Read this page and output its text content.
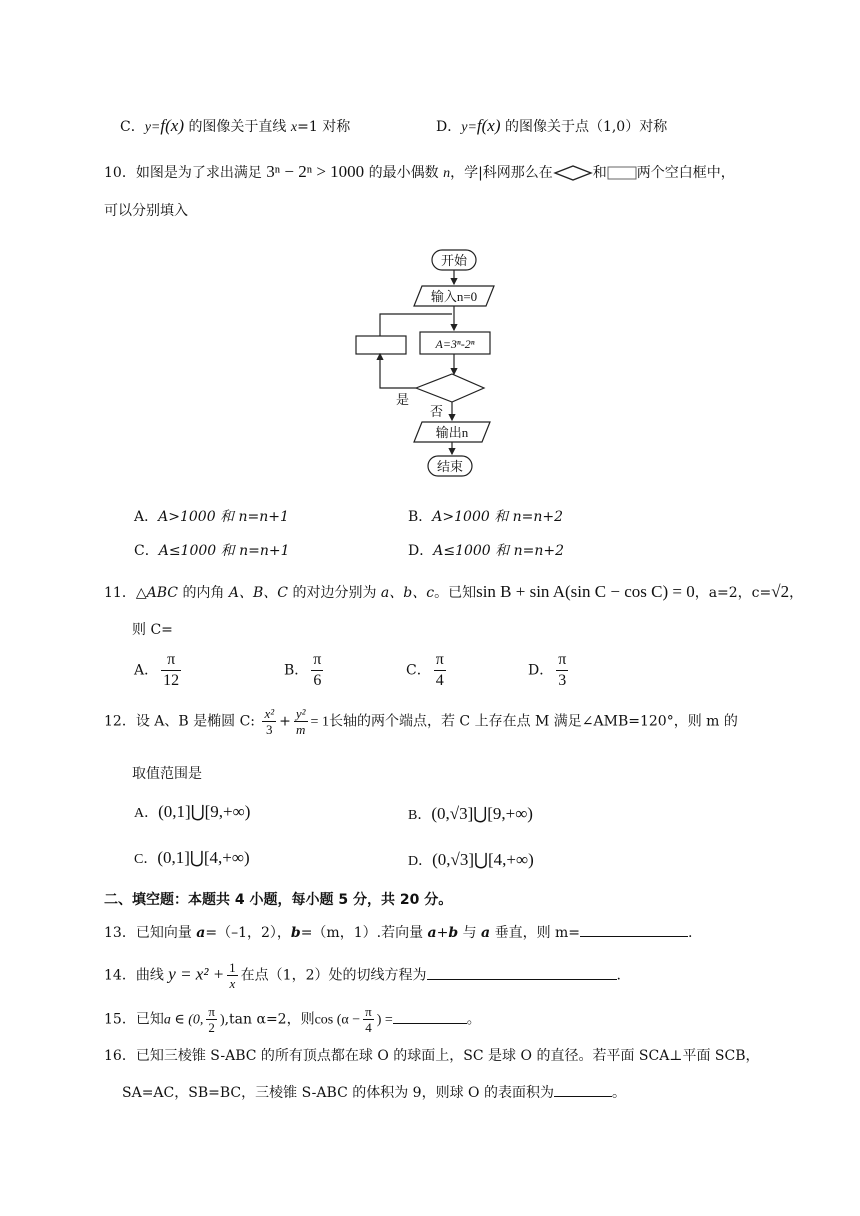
C．y=f(x) 的图像关于直线 x=1 对称	D．y=f(x) 的图像关于点（1,0）对称
10．如图是为了求出满足 3ⁿ − 2ⁿ > 1000 的最小偶数 n，学|科网那么在	和 两个空白框中，
可以分别填入
开始
输入n=0
A=3ⁿ-2ⁿ
是
否
输出n
结束
A．A>1000 和 n=n+1	B．A>1000 和 n=n+2
C．A≤1000 和 n=n+1	D．A≤1000 和 n=n+2
11．△ABC 的内角 A、B、C 的对边分别为 a、b、c。已知sin B + sin A(sin C − cos C) = 0，a=2，c=√2，
则 C=
A． $\frac{\pi}{12}$	B． $\frac{\pi}{6}$	C． $\frac{\pi}{4}$	D． $\frac{\pi}{3}$
12．设 A、B 是椭圆 C: $\frac{\text{x²}}{3} + \frac{\text{y²}}{m} = 1$长轴的两个端点，若 C 上存在点 M 满足∠AMB=120°，则 m 的
取值范围是
A．(0,1]⋃[9,+∞)	B．(0,√3]⋃[9,+∞)
C．(0,1]⋃[4,+∞)	D．(0,√3]⋃[4,+∞)
二、填空题：本题共 4 小题，每小题 5 分，共 20 分。
13．已知向量 a=（–1，2），b=（m，1）.若向量 a+b 与 a 垂直，则 m=	.
14．曲线 $y = x^2 + \frac{1}{x}$ 在点（1，2）处的切线方程为	.
15．已知a ∈ (0, $\frac{\pi}{2} ),\tan$ α=2，则$\cos (\alpha - \frac{\pi}{4}$ ) =	。
16．已知三棱锥 S-ABC 的所有顶点都在球 O 的球面上，SC 是球 O 的直径。若平面 SCA⊥平面 SCB，
SA=AC，SB=BC，三棱锥 S-ABC 的体积为 9，则球 O 的表面积为	。
